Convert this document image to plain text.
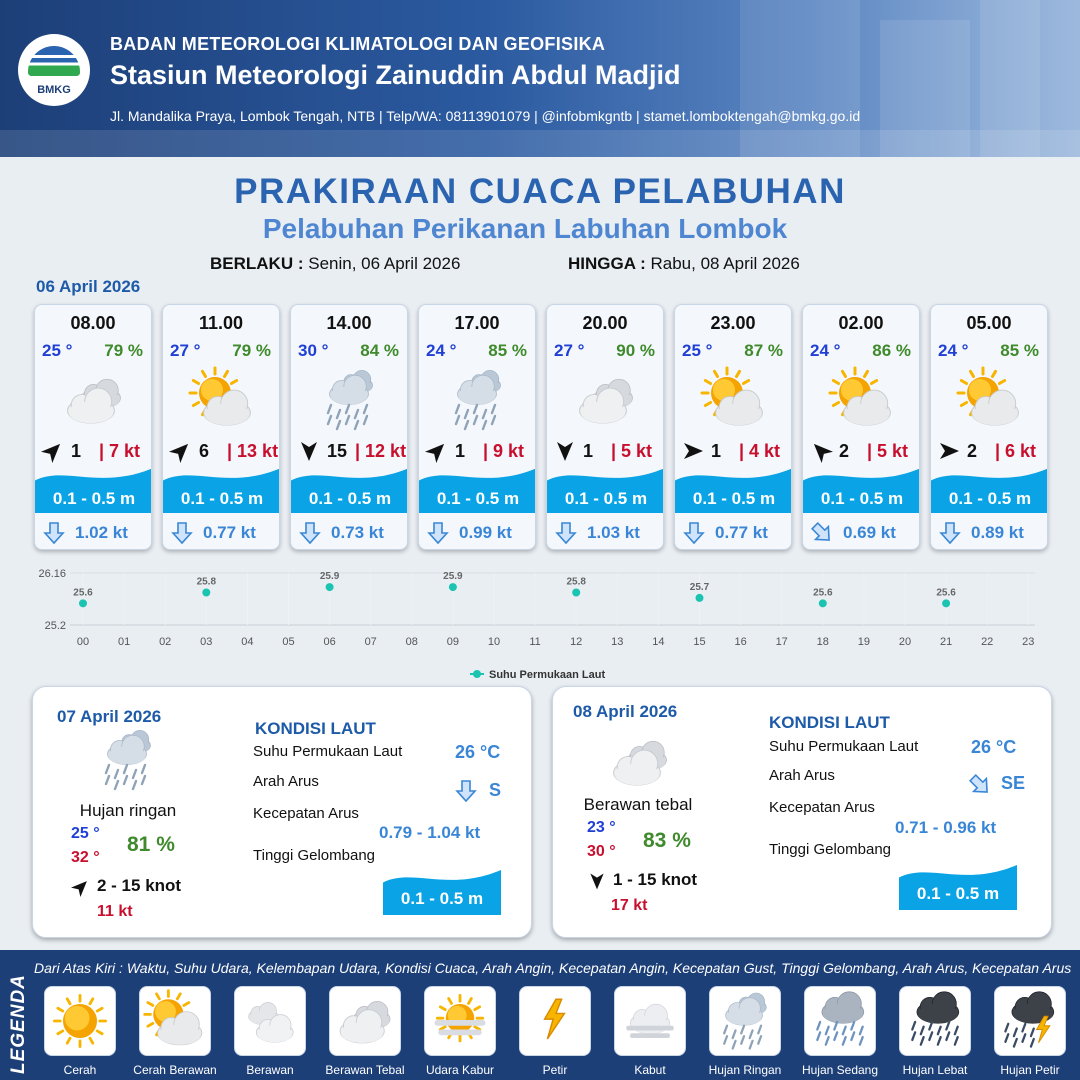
BMKG
BADAN METEOROLOGI KLIMATOLOGI DAN GEOFISIKA
Stasiun Meteorologi Zainuddin Abdul Madjid
Jl. Mandalika Praya, Lombok Tengah, NTB | Telp/WA: 08113901079 | @infobmkgntb | stamet.lomboktengah@bmkg.go.id
PRAKIRAAN CUACA PELABUHAN
Pelabuhan Perikanan Labuhan Lombok
BERLAKU : Senin, 06 April 2026	HINGGA : Rabu, 08 April 2026
06 April 2026
08.00
25 ° 79 %
1 | 7 kt
0.1 - 0.5 m
1.02 kt
11.00
27 ° 79 %
6 | 13 kt
0.1 - 0.5 m
0.77 kt
14.00
30 ° 84 %
15 | 12 kt
0.1 - 0.5 m
0.73 kt
17.00
24 ° 85 %
1 | 9 kt
0.1 - 0.5 m
0.99 kt
20.00
27 ° 90 %
1 | 5 kt
0.1 - 0.5 m
1.03 kt
23.00
25 ° 87 %
1 | 4 kt
0.1 - 0.5 m
0.77 kt
02.00
24 ° 86 %
2 | 5 kt
0.1 - 0.5 m
0.69 kt
05.00
24 ° 85 %
2 | 6 kt
0.1 - 0.5 m
0.89 kt
26.16
25.2
00	01	02	03	04	05	06	07	08	09	10	11	12	13	14	15	16	17	18	19	20	21	22	23
25.6
25.8	25.9	25.9	25.8	25.7	25.6	25.6
Suhu Permukaan Laut
07 April 2026
Hujan ringan
25 °
32 °
81 %
2 - 15 knot
11 kt
KONDISI LAUT
Suhu Permukaan Laut	26 °C
Arah Arus	S
Kecepatan Arus
0.79 - 1.04 kt
Tinggi Gelombang
0.1 - 0.5 m
08 April 2026
Berawan tebal
23 °
30 ° 83 %
1 - 15 knot
17 kt
KONDISI LAUT
Suhu Permukaan Laut	26 °C
Arah Arus	SE
Kecepatan Arus
0.71 - 0.96 kt
Tinggi Gelombang
0.1 - 0.5 m
LEGENDA
Dari Atas Kiri : Waktu, Suhu Udara, Kelembapan Udara, Kondisi Cuaca, Arah Angin, Kecepatan Angin, Kecepatan Gust, Tinggi Gelombang, Arah Arus, Kecepatan Arus
Cerah	Cerah Berawan	Berawan	Berawan Tebal	Udara Kabur	Petir	Kabut	Hujan Ringan	Hujan Sedang	Hujan Lebat	Hujan Petir
